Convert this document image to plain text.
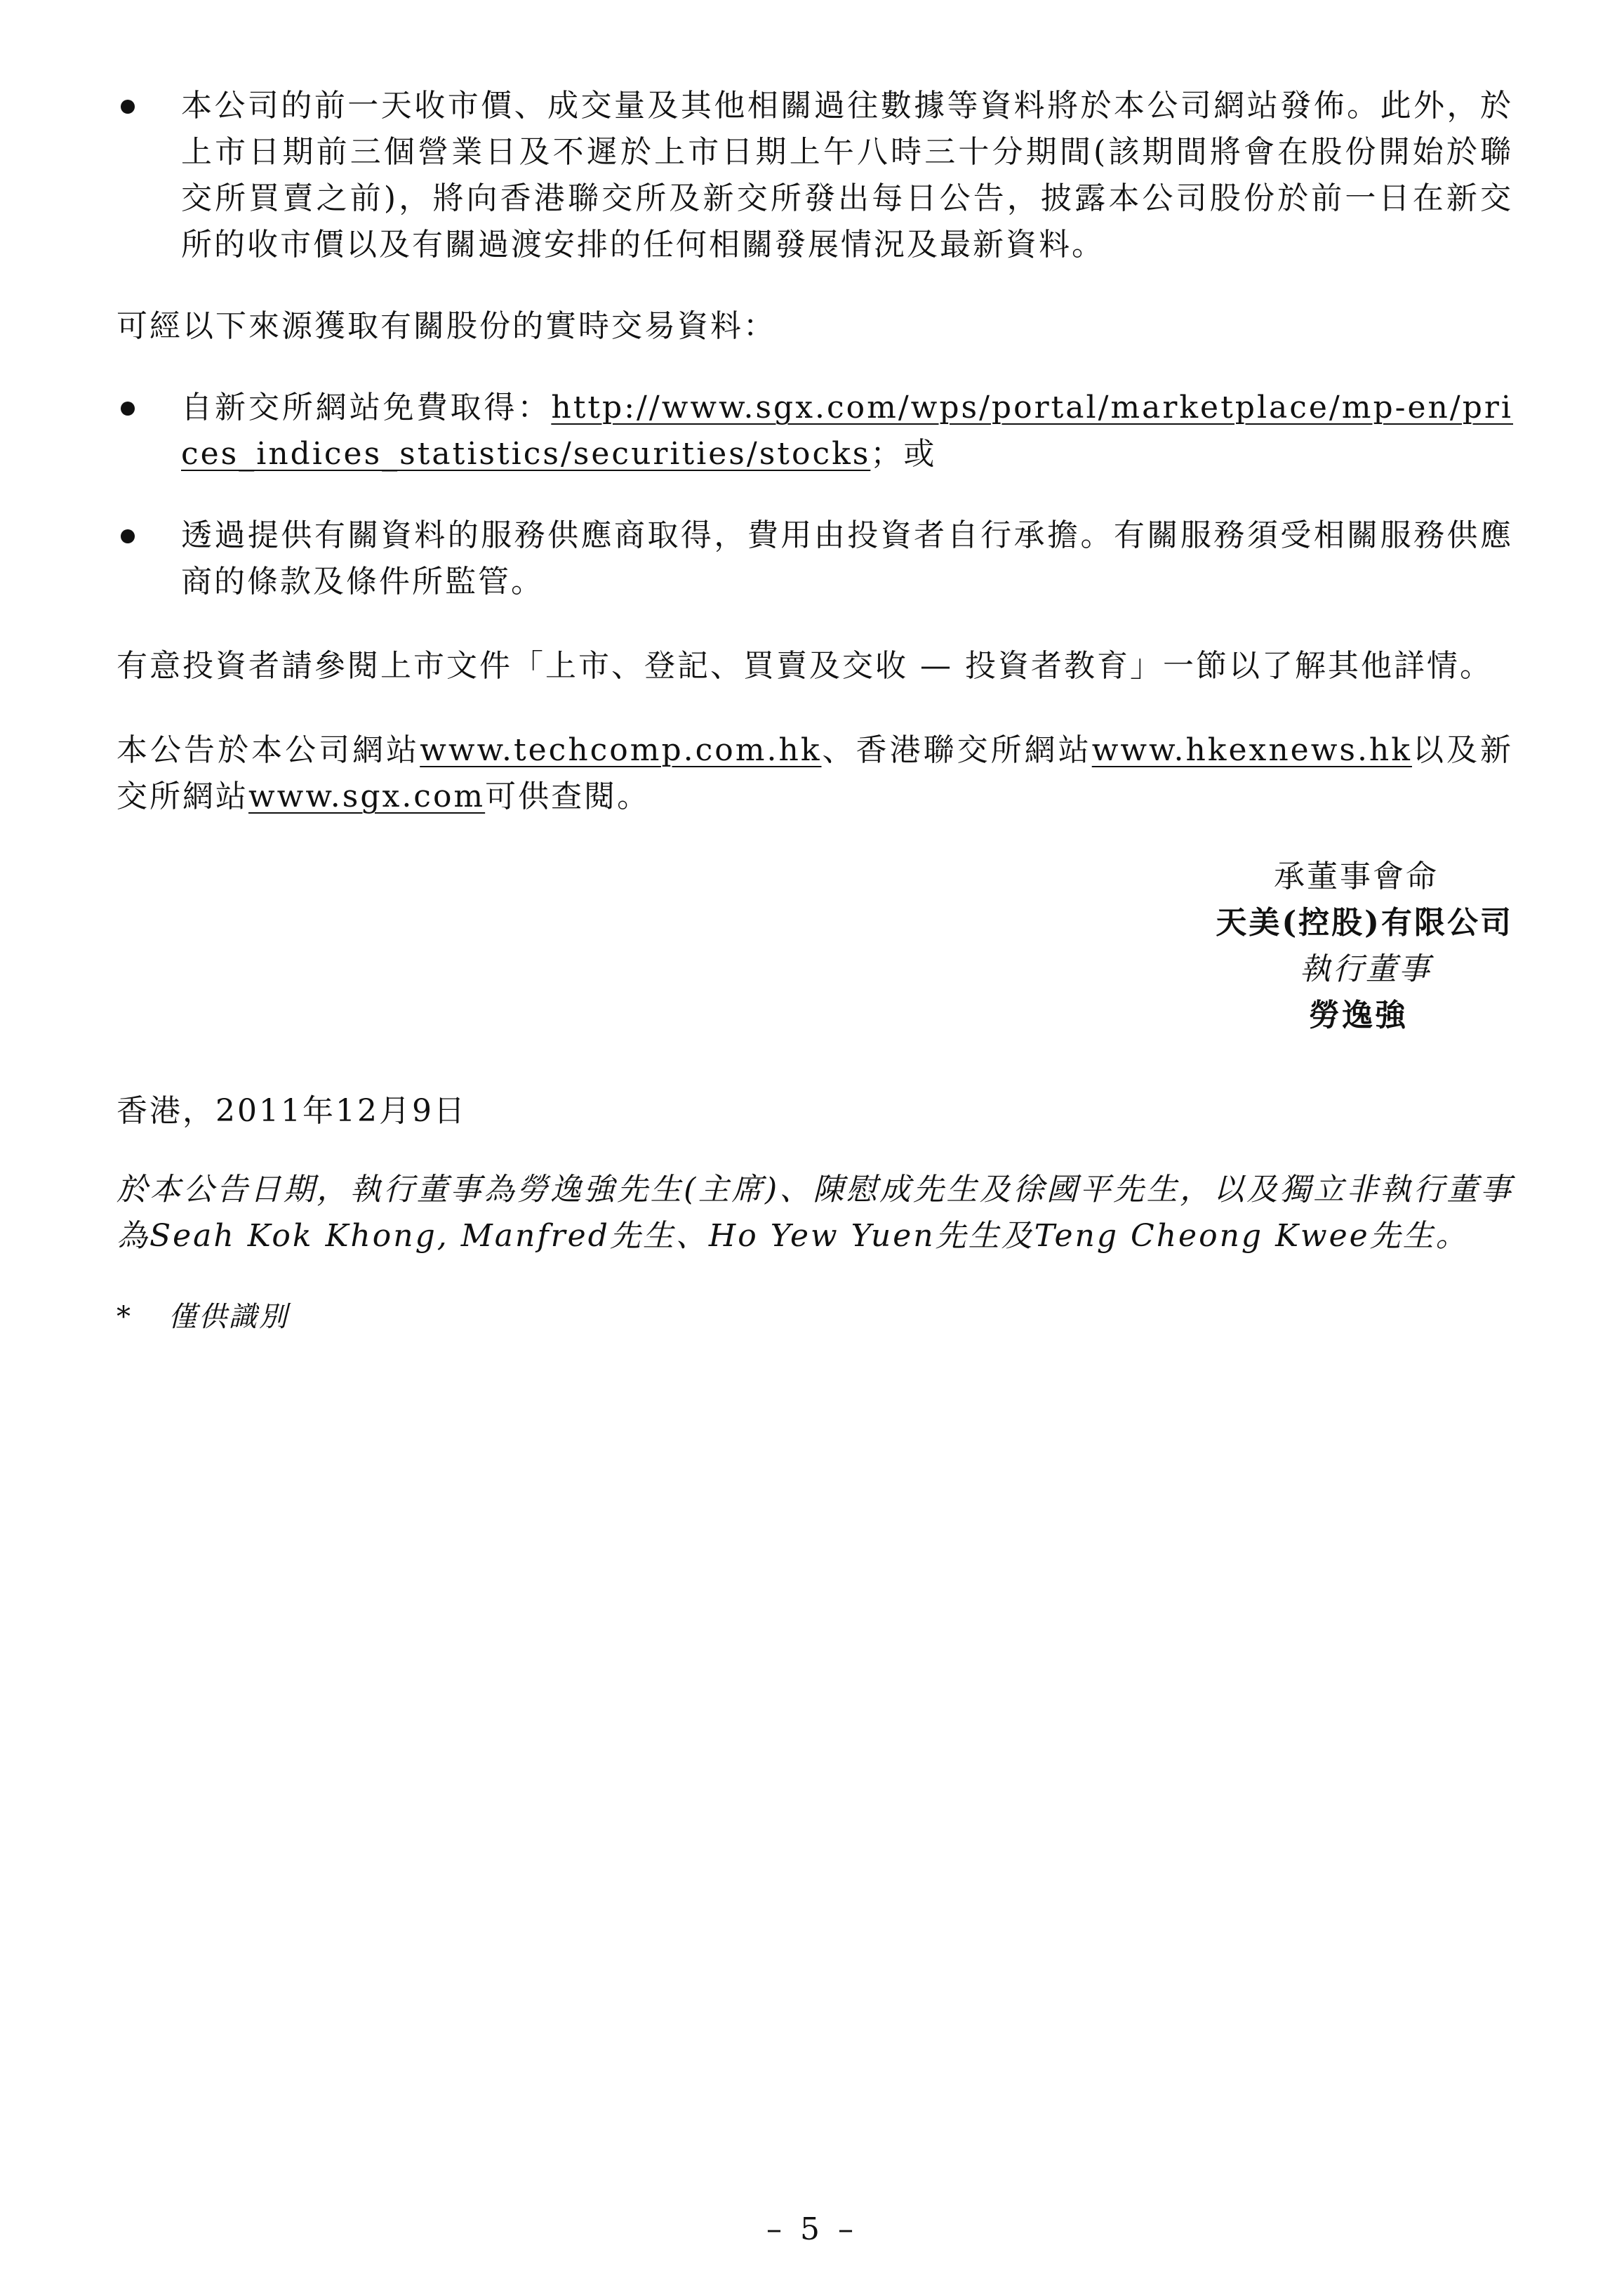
本公司的前一天收市價、成交量及其他相關過往數據等資料將於本公司網站發佈。此外，於上市日期前三個營業日及不遲於上市日期上午八時三十分期間(該期間將會在股份開始於聯交所買賣之前)，將向香港聯交所及新交所發出每日公告，披露本公司股份於前一日在新交所的收市價以及有關過渡安排的任何相關發展情況及最新資料。

可經以下來源獲取有關股份的實時交易資料：

自新交所網站免費取得：http://www.sgx.com/wps/portal/marketplace/mp-en/prices_indices_statistics/securities/stocks；或
透過提供有關資料的服務供應商取得，費用由投資者自行承擔。有關服務須受相關服務供應商的條款及條件所監管。

有意投資者請參閱上市文件「上市、登記、買賣及交收 — 投資者教育」一節以了解其他詳情。

本公告於本公司網站www.techcomp.com.hk、香港聯交所網站www.hkexnews.hk以及新交所網站www.sgx.com可供查閱。

承董事會命
天美(控股)有限公司
執行董事
勞逸強

香港，2011年12月9日

於本公告日期，執行董事為勞逸強先生(主席)、陳慰成先生及徐國平先生，以及獨立非執行董事為Seah Kok Khong, Manfred先生、Ho Yew Yuen先生及Teng Cheong Kwee先生。

* 僅供識別
– 5 –
